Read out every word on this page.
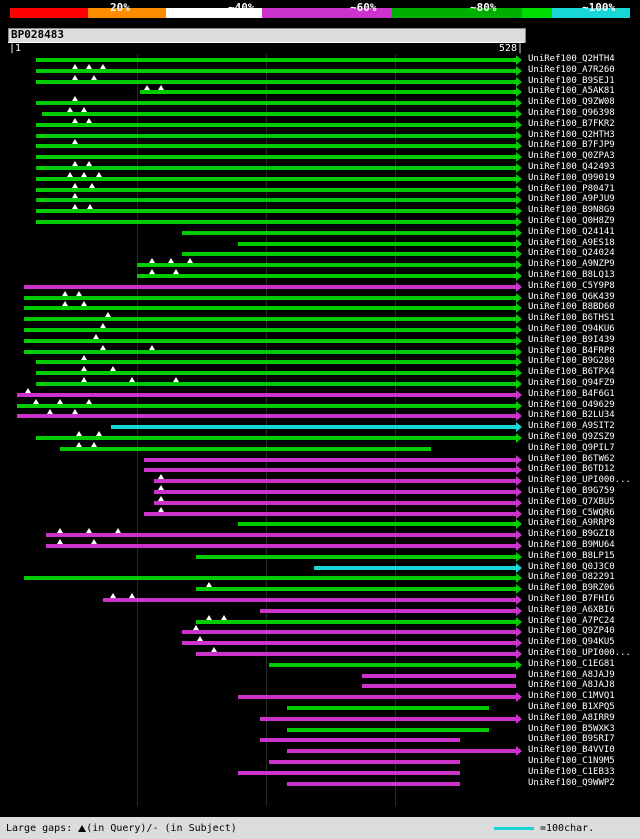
20%	~40%	~60%	~80%	~100%
BP028483
|1	528|
UniRef100_Q2HTH4
UniRef100_A7R260
UniRef100_B9SEJ1
UniRef100_A5AK81
UniRef100_Q9ZW08
UniRef100_Q96398
UniRef100_B7FKR2
UniRef100_Q2HTH3
UniRef100_B7FJP9
UniRef100_Q0ZPA3
UniRef100_Q42493
UniRef100_Q99019
UniRef100_P80471
UniRef100_A9PJU9
UniRef100_B9N8G9
UniRef100_Q0H8Z9
UniRef100_Q24141
UniRef100_A9ES18
UniRef100_Q24024
UniRef100_A9NZP9
UniRef100_B8LQ13
UniRef100_C5Y9P8
UniRef100_Q6K439
UniRef100_B8BD60
UniRef100_B6THS1
UniRef100_Q94KU6
UniRef100_B9I439
UniRef100_B4FRP8
UniRef100_B9G280
UniRef100_B6TPX4
UniRef100_Q94FZ9
UniRef100_B4F6G1
UniRef100_O49629
UniRef100_B2LU34
UniRef100_A9SIT2
UniRef100_Q9ZSZ9
UniRef100_Q9PIL7
UniRef100_B6TW62
UniRef100_B6TD12
UniRef100_UPI000...
UniRef100_B9G759
UniRef100_Q7XBU5
UniRef100_C5WQR6
UniRef100_A9RRP8
UniRef100_B9GZI8
UniRef100_B9MU64
UniRef100_B8LP15
UniRef100_Q0J3C0
UniRef100_O82291
UniRef100_B9RZ06
UniRef100_B7FHI6
UniRef100_A6XBI6
UniRef100_A7PC24
UniRef100_Q9ZP40
UniRef100_Q94KU5
UniRef100_UPI000...
UniRef100_C1EG81
UniRef100_A8JAJ9
UniRef100_A8JAJ8
UniRef100_C1MVQ1
UniRef100_B1XPQ5
UniRef100_A8IRR9
UniRef100_B5WXK3
UniRef100_B9SRI7
UniRef100_B4VVI0
UniRef100_C1N9M5
UniRef100_C1EB33
UniRef100_Q9WWP2
Large gaps: (in Query)/- (in Subject)	=100char.
